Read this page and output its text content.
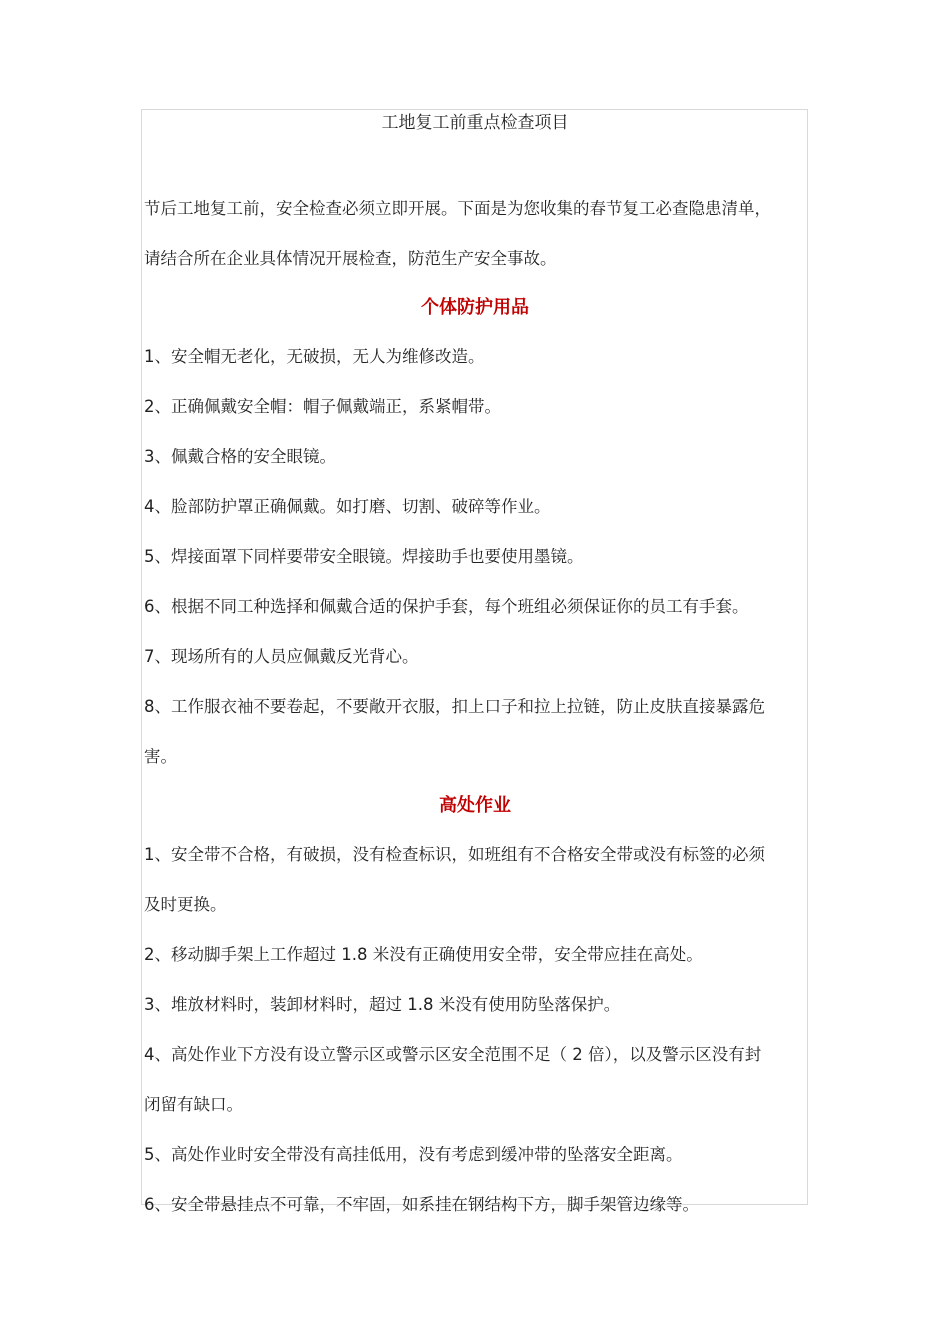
工地复工前重点检查项目

节后工地复工前，安全检查必须立即开展。下面是为您收集的春节复工必查隐患清单，

请结合所在企业具体情况开展检查，防范生产安全事故。

个体防护用品

1、安全帽无老化，无破损，无人为维修改造。

2、正确佩戴安全帽：帽子佩戴端正，系紧帽带。

3、佩戴合格的安全眼镜。

4、脸部防护罩正确佩戴。如打磨、切割、破碎等作业。

5、焊接面罩下同样要带安全眼镜。焊接助手也要使用墨镜。

6、根据不同工种选择和佩戴合适的保护手套，每个班组必须保证你的员工有手套。

7、现场所有的人员应佩戴反光背心。

8、工作服衣袖不要卷起，不要敞开衣服，扣上口子和拉上拉链，防止皮肤直接暴露危

害。

高处作业

1、安全带不合格，有破损，没有检查标识，如班组有不合格安全带或没有标签的必须

及时更换。

2、移动脚手架上工作超过 1.8 米没有正确使用安全带，安全带应挂在高处。

3、堆放材料时，装卸材料时，超过 1.8 米没有使用防坠落保护。

4、高处作业下方没有设立警示区或警示区安全范围不足（ 2 倍），以及警示区没有封

闭留有缺口。

5、高处作业时安全带没有高挂低用，没有考虑到缓冲带的坠落安全距离。

6、安全带悬挂点不可靠，不牢固，如系挂在钢结构下方，脚手架管边缘等。
